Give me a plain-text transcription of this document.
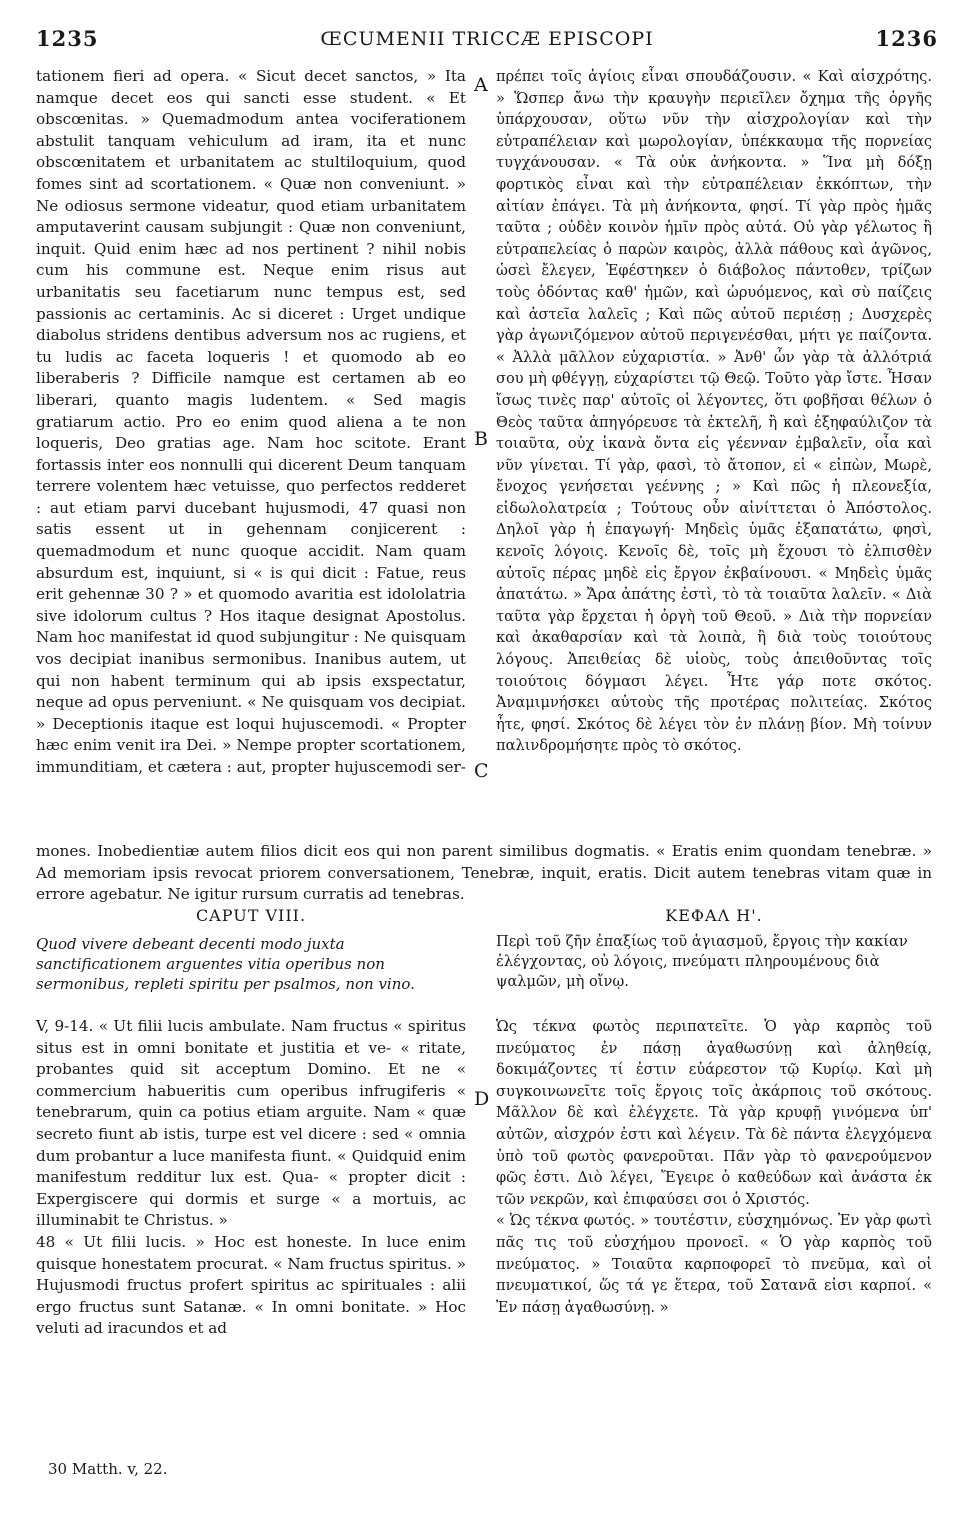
1235	ŒCUMENII TRICCÆ EPISCOPI	1236
A
B
C
D

tationem fieri ad opera. « Sicut decet sanctos, » Ita namque decet eos qui sancti esse student. « Et obscœnitas. » Quemadmodum antea vociferationem abstulit tanquam vehiculum ad iram, ita et nunc obscœnitatem et urbanitatem ac stultiloquium, quod fomes sint ad scortationem. « Quæ non conveniunt. » Ne odiosus sermone videatur, quod etiam urbanitatem amputaverint causam subjungit : Quæ non conveniunt, inquit. Quid enim hæc ad nos pertinent ? nihil nobis cum his commune est. Neque enim risus aut urbanitatis seu facetiarum nunc tempus est, sed passionis ac certaminis. Ac si diceret : Urget undique diabolus stridens dentibus adversum nos ac rugiens, et tu ludis ac faceta loqueris ! et quomodo ab eo liberaberis ? Difficile namque est certamen ab eo liberari, quanto magis ludentem. « Sed magis gratiarum actio. Pro eo enim quod aliena a te non loqueris, Deo gratias age. Nam hoc scitote. Erant fortassis inter eos nonnulli qui dicerent Deum tanquam terrere volentem hæc vetuisse, quo perfectos redderet : aut etiam parvi ducebant hujusmodi, 47 quasi non satis essent ut in gehennam conjicerent : quemadmodum et nunc quoque accidit. Nam quam absurdum est, inquiunt, si « is qui dicit : Fatue, reus erit gehennæ 30 ? » et quomodo avaritia est idololatria sive idolorum cultus ? Hos itaque designat Apostolus. Nam hoc manifestat id quod subjungitur : Ne quisquam vos decipiat inanibus sermonibus. Inanibus autem, ut qui non habent terminum qui ab ipsis exspectatur, neque ad opus perveniunt. « Ne quisquam vos decipiat. » Deceptionis itaque est loqui hujuscemodi. « Propter hæc enim venit ira Dei. » Nempe propter scortationem, immunditiam, et cætera : aut, propter hujuscemodi ser-

πρέπει τοῖς ἁγίοις εἶναι σπουδάζουσιν. « Καὶ αἰσχρότης. » Ὥσπερ ἄνω τὴν κραυγὴν περιεῖλεν ὄχημα τῆς ὀργῆς ὑπάρχουσαν, οὕτω νῦν τὴν αἰσχρολογίαν καὶ τὴν εὐτραπέλειαν καὶ μωρολογίαν, ὑπέκκαυμα τῆς πορνείας τυγχάνουσαν. « Τὰ οὐκ ἀνήκοντα. » Ἵνα μὴ δόξῃ φορτικὸς εἶναι καὶ τὴν εὐτραπέλειαν ἐκκόπτων, τὴν αἰτίαν ἐπάγει. Τὰ μὴ ἀνήκοντα, φησί. Τί γὰρ πρὸς ἡμᾶς ταῦτα ; οὐδὲν κοινὸν ἡμῖν πρὸς αὐτά. Οὐ γὰρ γέλωτος ἢ εὐτραπελείας ὁ παρὼν καιρὸς, ἀλλὰ πάθους καὶ ἀγῶνος, ὡσεὶ ἔλεγεν, Ἐφέστηκεν ὁ διάβολος πάντοθεν, τρίζων τοὺς ὀδόντας καθ' ἡμῶν, καὶ ὠρυόμενος, καὶ σὺ παίζεις καὶ ἀστεῖα λαλεῖς ; Καὶ πῶς αὐτοῦ περιέσῃ ; Δυσχερὲς γὰρ ἀγωνιζόμενον αὐτοῦ περιγενέσθαι, μήτι γε παίζοντα. « Ἀλλὰ μᾶλλον εὐχαριστία. » Ἀνθ' ὧν γὰρ τὰ ἀλλότριά σου μὴ φθέγγῃ, εὐχαρίστει τῷ Θεῷ. Τοῦτο γὰρ ἴστε. Ἦσαν ἴσως τινὲς παρ' αὐτοῖς οἱ λέγοντες, ὅτι φοβῆσαι θέλων ὁ Θεὸς ταῦτα ἀπηγόρευσε τὰ ἐκτελῆ, ἢ καὶ ἐξηφαύλιζον τὰ τοιαῦτα, οὐχ ἱκανὰ ὄντα εἰς γέενναν ἐμβαλεῖν, οἷα καὶ νῦν γίνεται. Τί γὰρ, φασὶ, τὸ ἄτοπον, εἰ « εἰπὼν, Μωρὲ, ἔνοχος γενήσεται γεέννης ; » Καὶ πῶς ἡ πλεονεξία, εἰδωλολατρεία ; Τούτους οὖν αἰνίττεται ὁ Ἀπόστολος. Δηλοῖ γὰρ ἡ ἐπαγωγή· Μηδεὶς ὑμᾶς ἐξαπατάτω, φησὶ, κενοῖς λόγοις. Κενοῖς δὲ, τοῖς μὴ ἔχουσι τὸ ἐλπισθὲν αὐτοῖς πέρας μηδὲ εἰς ἔργον ἐκβαίνουσι. « Μηδεὶς ὑμᾶς ἀπατάτω. » Ἄρα ἀπάτης ἐστὶ, τὸ τὰ τοιαῦτα λαλεῖν. « Διὰ ταῦτα γὰρ ἔρχεται ἡ ὀργὴ τοῦ Θεοῦ. » Διὰ τὴν πορνείαν καὶ ἀκαθαρσίαν καὶ τὰ λοιπὰ, ἢ διὰ τοὺς τοιούτους λόγους. Ἀπειθείας δὲ υἱοὺς, τοὺς ἀπειθοῦντας τοῖς τοιούτοις δόγμασι λέγει. Ἦτε γάρ ποτε σκότος. Ἀναμιμνήσκει αὐτοὺς τῆς προτέρας πολιτείας. Σκότος ἦτε, φησί. Σκότος δὲ λέγει τὸν ἐν πλάνῃ βίον. Μὴ τοίνυν παλινδρομήσητε πρὸς τὸ σκότος.

mones. Inobedientiæ autem filios dicit eos qui non parent similibus dogmatis. « Eratis enim quondam tenebræ. » Ad memoriam ipsis revocat priorem conversationem, Tenebræ, inquit, eratis. Dicit autem tenebras vitam quæ in errore agebatur. Ne igitur rursum curratis ad tenebras.

CAPUT VIII.	ΚΕΦΑΛ Η'.

Quod vivere debeant decenti modo juxta sanctificationem arguentes vitia operibus non sermonibus, repleti spiritu per psalmos, non vino.

Περὶ τοῦ ζῆν ἐπαξίως τοῦ ἁγιασμοῦ, ἔργοις τὴν κακίαν ἐλέγχοντας, οὐ λόγοις, πνεύματι πληρουμένους διὰ ψαλμῶν, μὴ οἴνῳ.

V, 9-14. « Ut filii lucis ambulate. Nam fructus « spiritus situs est in omni bonitate et justitia et ve- « ritate, probantes quid sit acceptum Domino. Et ne « commercium habueritis cum operibus infrugiferis « tenebrarum, quin ca potius etiam arguite. Nam « quæ secreto fiunt ab istis, turpe est vel dicere : sed « omnia dum probantur a luce manifesta fiunt. « Quidquid enim manifestum redditur lux est. Qua- « propter dicit : Expergiscere qui dormis et surge « a mortuis, ac illuminabit te Christus. »

48 « Ut filii lucis. » Hoc est honeste. In luce enim quisque honestatem procurat. « Nam fructus spiritus. » Hujusmodi fructus profert spiritus ac spirituales : alii ergo fructus sunt Satanæ. « In omni bonitate. » Hoc veluti ad iracundos et ad

Ὡς τέκνα φωτὸς περιπατεῖτε. Ὁ γὰρ καρπὸς τοῦ πνεύματος ἐν πάσῃ ἀγαθωσύνῃ καὶ ἀληθείᾳ, δοκιμάζοντες τί ἐστιν εὐάρεστον τῷ Κυρίῳ. Καὶ μὴ συγκοινωνεῖτε τοῖς ἔργοις τοῖς ἀκάρποις τοῦ σκότους. Μᾶλλον δὲ καὶ ἐλέγχετε. Τὰ γὰρ κρυφῇ γινόμενα ὑπ' αὐτῶν, αἰσχρόν ἐστι καὶ λέγειν. Τὰ δὲ πάντα ἐλεγχόμενα ὑπὸ τοῦ φωτὸς φανεροῦται. Πᾶν γὰρ τὸ φανερούμενον φῶς ἐστι. Διὸ λέγει, Ἔγειρε ὁ καθεύδων καὶ ἀνάστα ἐκ τῶν νεκρῶν, καὶ ἐπιφαύσει σοι ὁ Χριστός.

« Ὡς τέκνα φωτός. » τουτέστιν, εὐσχημόνως. Ἐν γὰρ φωτὶ πᾶς τις τοῦ εὐσχήμου προνοεῖ. « Ὁ γὰρ καρπὸς τοῦ πνεύματος. » Τοιαῦτα καρποφορεῖ τὸ πνεῦμα, καὶ οἱ πνευματικοί, ὥς τά γε ἕτερα, τοῦ Σατανᾶ εἰσι καρποί. « Ἐν πάσῃ ἀγαθωσύνῃ. »

30 Matth. v, 22.
